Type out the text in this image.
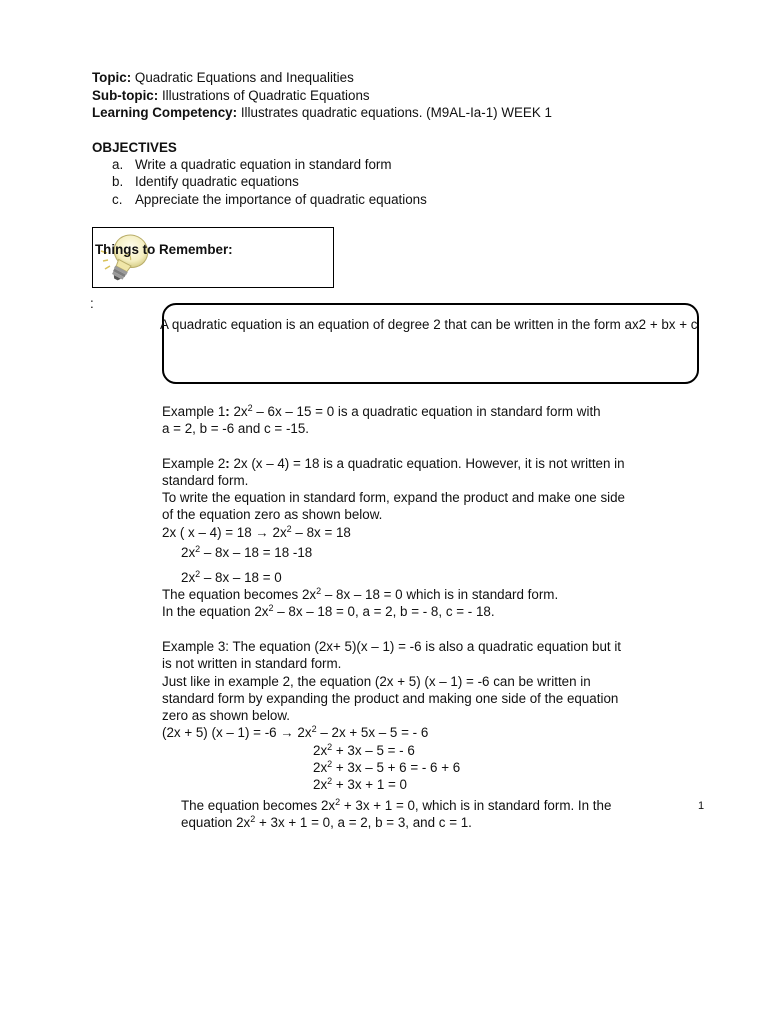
Topic: Quadratic Equations and Inequalities
Sub-topic: Illustrations of Quadratic Equations
Learning Competency: Illustrates quadratic equations. (M9AL-Ia-1) WEEK 1
OBJECTIVES
a. Write a quadratic equation in standard form
b. Identify quadratic equations
c. Appreciate the importance of quadratic equations
Things to Remember:
:
A quadratic equation is an equation of degree 2 that can be written in the form ax2 + bx + c
Example 1: $2x^2 - 6x - 15 = 0$ is a quadratic equation in standard form with
a = 2, b = -6 and c = -15.
Example 2: 2x (x – 4) = 18 is a quadratic equation. However, it is not written in
standard form.
To write the equation in standard form, expand the product and make one side
of the equation zero as shown below.
2x ( $x - 4) = 18 \to 2x^2 - 8x = 18$
$2x^2 - 8x - 18 = 18$ -18
$2x^2 - 8x - 18 = 0$
The equation becomes $2x^2 - 8x - 18 = 0$ which is in standard form.
In the equation $2x^2 - 8x - 18 = 0$, a = 2, b = - 8, c = - 18.
Example 3: The equation (2x+ 5)(x – 1) = -6 is also a quadratic equation but it
is not written in standard form.
Just like in example 2, the equation (2x + 5) (x – 1) = -6 can be written in
standard form by expanding the product and making one side of the equation
zero as shown below.
(2x + 5) $(x - 1) = -6 \to 2x^2 - 2x + 5x - 5$ = - 6
$2x^2 + 3x - 5$ = - 6
$2x^2 + 3x - 5 + 6$ = - 6 + 6
$2x^2 + 3x + 1 = 0$
The equation becomes $2x^2 + 3x + 1 = 0$, which is in standard form. In the
equation $2x^2 + 3x + 1 = 0$, a = 2, b = 3, and c = 1.
1
